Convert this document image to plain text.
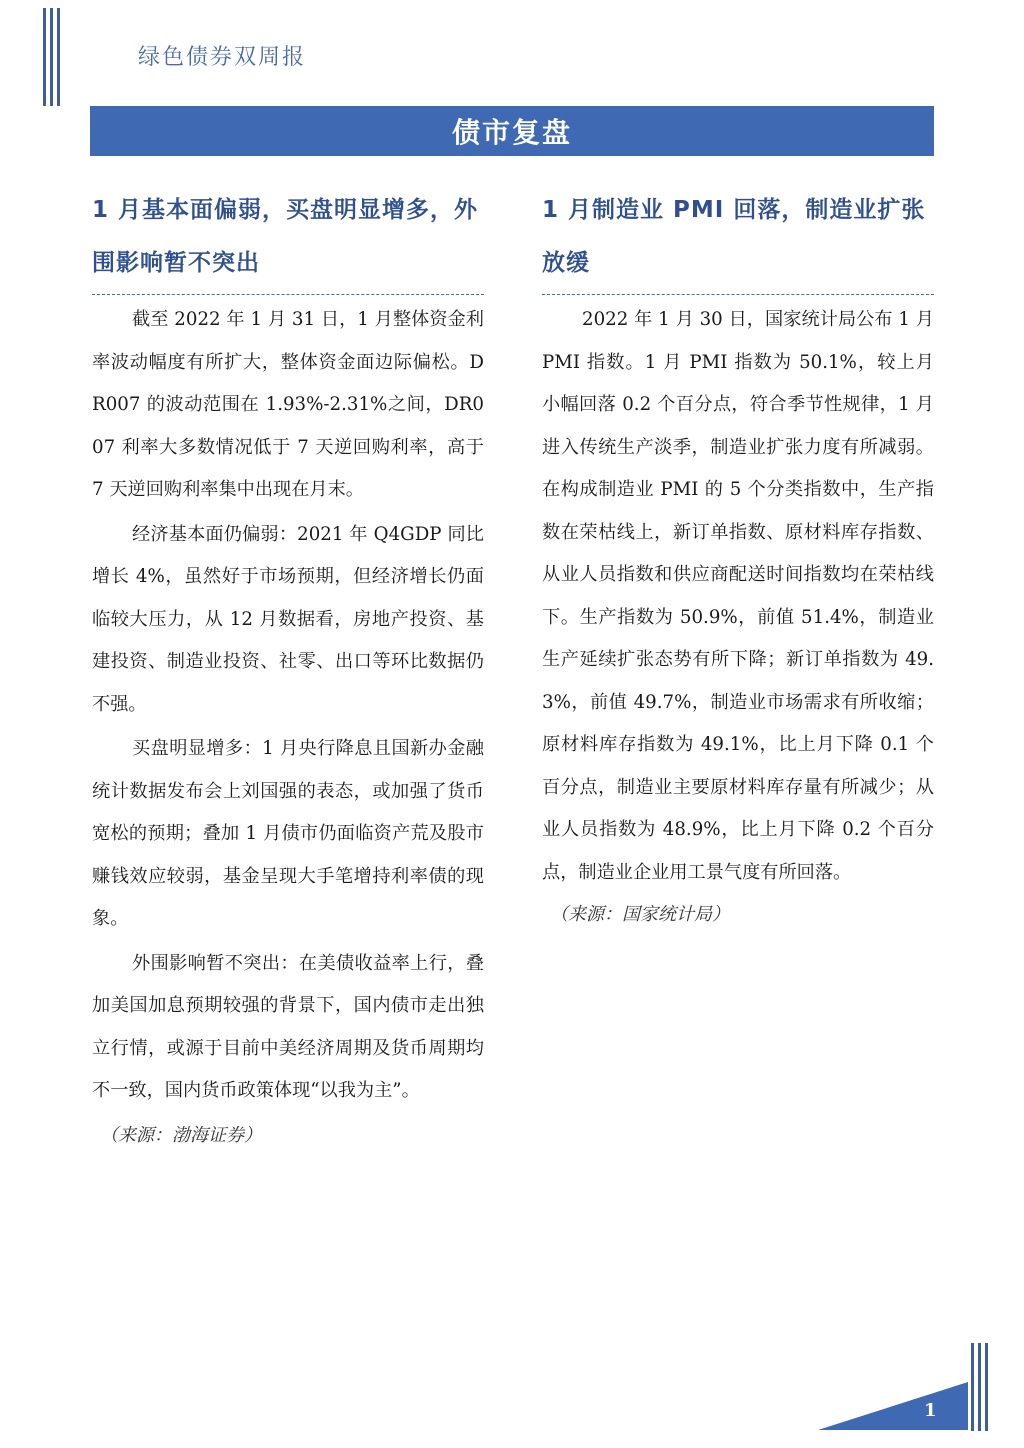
绿色债券双周报
债市复盘
1 月基本面偏弱，买盘明显增多，外围影响暂不突出

截至 2022 年 1 月 31 日，1 月整体资金利率波动幅度有所扩大，整体资金面边际偏松。DR007 的波动范围在 1.93%-2.31%之间，DR007 利率大多数情况低于 7 天逆回购利率，高于 7 天逆回购利率集中出现在月末。

经济基本面仍偏弱：2021 年 Q4GDP 同比增长 4%，虽然好于市场预期，但经济增长仍面临较大压力，从 12 月数据看，房地产投资、基建投资、制造业投资、社零、出口等环比数据仍不强。

买盘明显增多：1 月央行降息且国新办金融统计数据发布会上刘国强的表态，或加强了货币宽松的预期；叠加 1 月债市仍面临资产荒及股市赚钱效应较弱，基金呈现大手笔增持利率债的现象。

外围影响暂不突出：在美债收益率上行，叠加美国加息预期较强的背景下，国内债市走出独立行情，或源于目前中美经济周期及货币周期均不一致，国内货币政策体现“以我为主”。

（来源：渤海证券）
1 月制造业 PMI 回落，制造业扩张放缓

2022 年 1 月 30 日，国家统计局公布 1 月 PMI 指数。1 月 PMI 指数为 50.1%，较上月小幅回落 0.2 个百分点，符合季节性规律，1 月进入传统生产淡季，制造业扩张力度有所减弱。在构成制造业 PMI 的 5 个分类指数中，生产指数在荣枯线上，新订单指数、原材料库存指数、从业人员指数和供应商配送时间指数均在荣枯线下。生产指数为 50.9%，前值 51.4%，制造业生产延续扩张态势有所下降；新订单指数为 49.3%，前值 49.7%，制造业市场需求有所收缩；原材料库存指数为 49.1%，比上月下降 0.1 个百分点，制造业主要原材料库存量有所减少；从业人员指数为 48.9%，比上月下降 0.2 个百分点，制造业企业用工景气度有所回落。

（来源：国家统计局）
1
